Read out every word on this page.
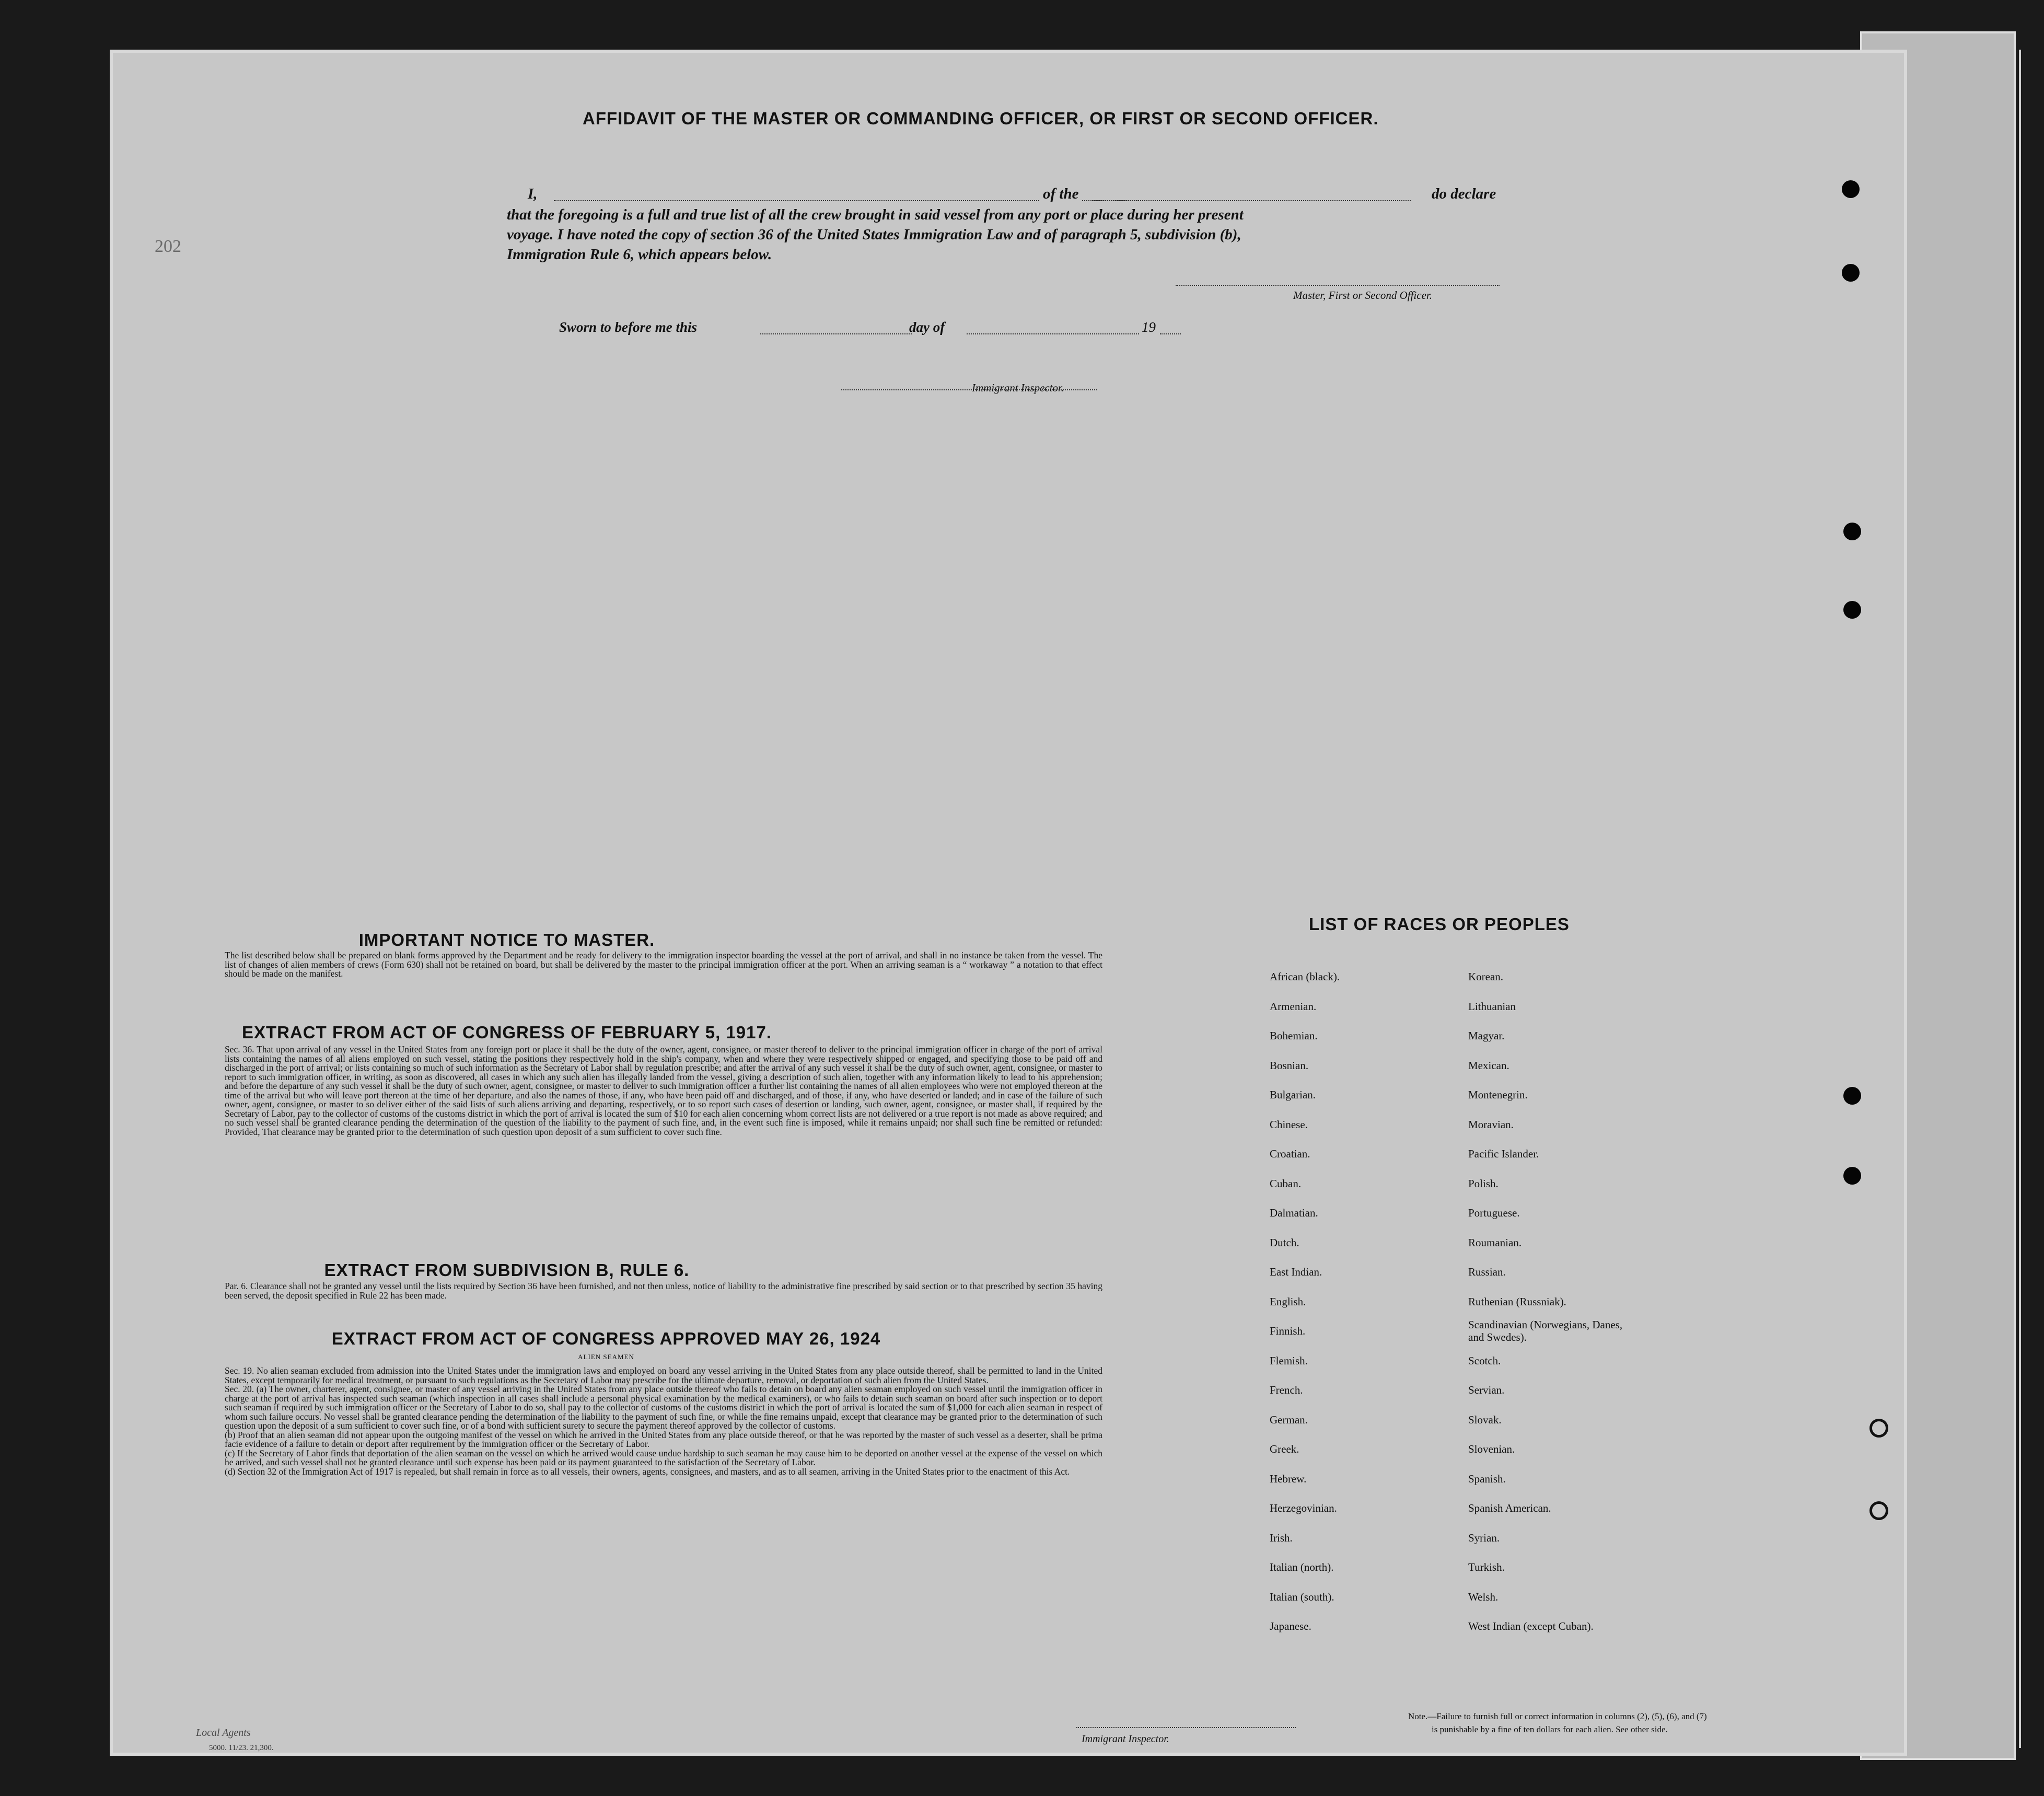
AFFIDAVIT OF THE MASTER OR COMMANDING OFFICER, OR FIRST OR SECOND OFFICER.
I,	of the	do declare
that the foregoing is a full and true list of all the crew brought in said vessel from any port or place during her present
voyage. I have noted the copy of section 36 of the United States Immigration Law and of paragraph 5, subdivision (b),
Immigration Rule 6, which appears below.
Master, First or Second Officer.
Sworn to before me this	day of	19
Immigrant Inspector.
202
IMPORTANT NOTICE TO MASTER.
The list described below shall be prepared on blank forms approved by the Department and be ready for delivery to the immigration inspector boarding the vessel at the port of arrival, and shall in no instance be taken from the vessel. The list of changes of alien members of crews (Form 630) shall not be retained on board, but shall be delivered by the master to the principal immigration officer at the port. When an arriving seaman is a “ workaway ” a notation to that effect should be made on the manifest.
EXTRACT FROM ACT OF CONGRESS OF FEBRUARY 5, 1917.
Sec. 36. That upon arrival of any vessel in the United States from any foreign port or place it shall be the duty of the owner, agent, consignee, or master thereof to deliver to the principal immigration officer in charge of the port of arrival lists containing the names of all aliens employed on such vessel, stating the positions they respectively hold in the ship's company, when and where they were respectively shipped or engaged, and specifying those to be paid off and discharged in the port of arrival; or lists containing so much of such information as the Secretary of Labor shall by regulation prescribe; and after the arrival of any such vessel it shall be the duty of such owner, agent, consignee, or master to report to such immigration officer, in writing, as soon as discovered, all cases in which any such alien has illegally landed from the vessel, giving a description of such alien, together with any information likely to lead to his apprehension; and before the departure of any such vessel it shall be the duty of such owner, agent, consignee, or master to deliver to such immigration officer a further list containing the names of all alien employees who were not employed thereon at the time of the arrival but who will leave port thereon at the time of her departure, and also the names of those, if any, who have been paid off and discharged, and of those, if any, who have deserted or landed; and in case of the failure of such owner, agent, consignee, or master to so deliver either of the said lists of such aliens arriving and departing, respectively, or to so report such cases of desertion or landing, such owner, agent, consignee, or master shall, if required by the Secretary of Labor, pay to the collector of customs of the customs district in which the port of arrival is located the sum of $10 for each alien concerning whom correct lists are not delivered or a true report is not made as above required; and no such vessel shall be granted clearance pending the determination of the question of the liability to the payment of such fine, and, in the event such fine is imposed, while it remains unpaid; nor shall such fine be remitted or refunded: Provided, That clearance may be granted prior to the determination of such question upon deposit of a sum sufficient to cover such fine.
EXTRACT FROM SUBDIVISION B, RULE 6.
Par. 6. Clearance shall not be granted any vessel until the lists required by Section 36 have been furnished, and not then unless, notice of liability to the administrative fine prescribed by said section or to that prescribed by section 35 having been served, the deposit specified in Rule 22 has been made.
EXTRACT FROM ACT OF CONGRESS APPROVED MAY 26, 1924
ALIEN SEAMEN
Sec. 19. No alien seaman excluded from admission into the United States under the immigration laws and employed on board any vessel arriving in the United States from any place outside thereof, shall be permitted to land in the United States, except temporarily for medical treatment, or pursuant to such regulations as the Secretary of Labor may prescribe for the ultimate departure, removal, or deportation of such alien from the United States.
Sec. 20. (a) The owner, charterer, agent, consignee, or master of any vessel arriving in the United States from any place outside thereof who fails to detain on board any alien seaman employed on such vessel until the immigration officer in charge at the port of arrival has inspected such seaman (which inspection in all cases shall include a personal physical examination by the medical examiners), or who fails to detain such seaman on board after such inspection or to deport such seaman if required by such immigration officer or the Secretary of Labor to do so, shall pay to the collector of customs of the customs district in which the port of arrival is located the sum of $1,000 for each alien seaman in respect of whom such failure occurs. No vessel shall be granted clearance pending the determination of the liability to the payment of such fine, or while the fine remains unpaid, except that clearance may be granted prior to the determination of such question upon the deposit of a sum sufficient to cover such fine, or of a bond with sufficient surety to secure the payment thereof approved by the collector of customs.
(b) Proof that an alien seaman did not appear upon the outgoing manifest of the vessel on which he arrived in the United States from any place outside thereof, or that he was reported by the master of such vessel as a deserter, shall be prima facie evidence of a failure to detain or deport after requirement by the immigration officer or the Secretary of Labor.
(c) If the Secretary of Labor finds that deportation of the alien seaman on the vessel on which he arrived would cause undue hardship to such seaman he may cause him to be deported on another vessel at the expense of the vessel on which he arrived, and such vessel shall not be granted clearance until such expense has been paid or its payment guaranteed to the satisfaction of the Secretary of Labor.
(d) Section 32 of the Immigration Act of 1917 is repealed, but shall remain in force as to all vessels, their owners, agents, consignees, and masters, and as to all seamen, arriving in the United States prior to the enactment of this Act.
LIST OF RACES OR PEOPLES
African (black).
Armenian.
Bohemian.
Bosnian.
Bulgarian.
Chinese.
Croatian.
Cuban.
Dalmatian.
Dutch.
East Indian.
English.
Finnish.
Flemish.
French.
German.
Greek.
Hebrew.
Herzegovinian.
Irish.
Italian (north).
Italian (south).
Japanese.
Korean.
Lithuanian
Magyar.
Mexican.
Montenegrin.
Moravian.
Pacific Islander.
Polish.
Portuguese.
Roumanian.
Russian.
Ruthenian (Russniak).
Scandinavian (Norwegians, Danes, and Swedes).
Scotch.
Servian.
Slovak.
Slovenian.
Spanish.
Spanish American.
Syrian.
Turkish.
Welsh.
West Indian (except Cuban).
Local Agents
5000. 11/23. 21,300.
Immigrant Inspector.
Note.—Failure to furnish full or correct information in columns (2), (5), (6), and (7)
is punishable by a fine of ten dollars for each alien. See other side.
